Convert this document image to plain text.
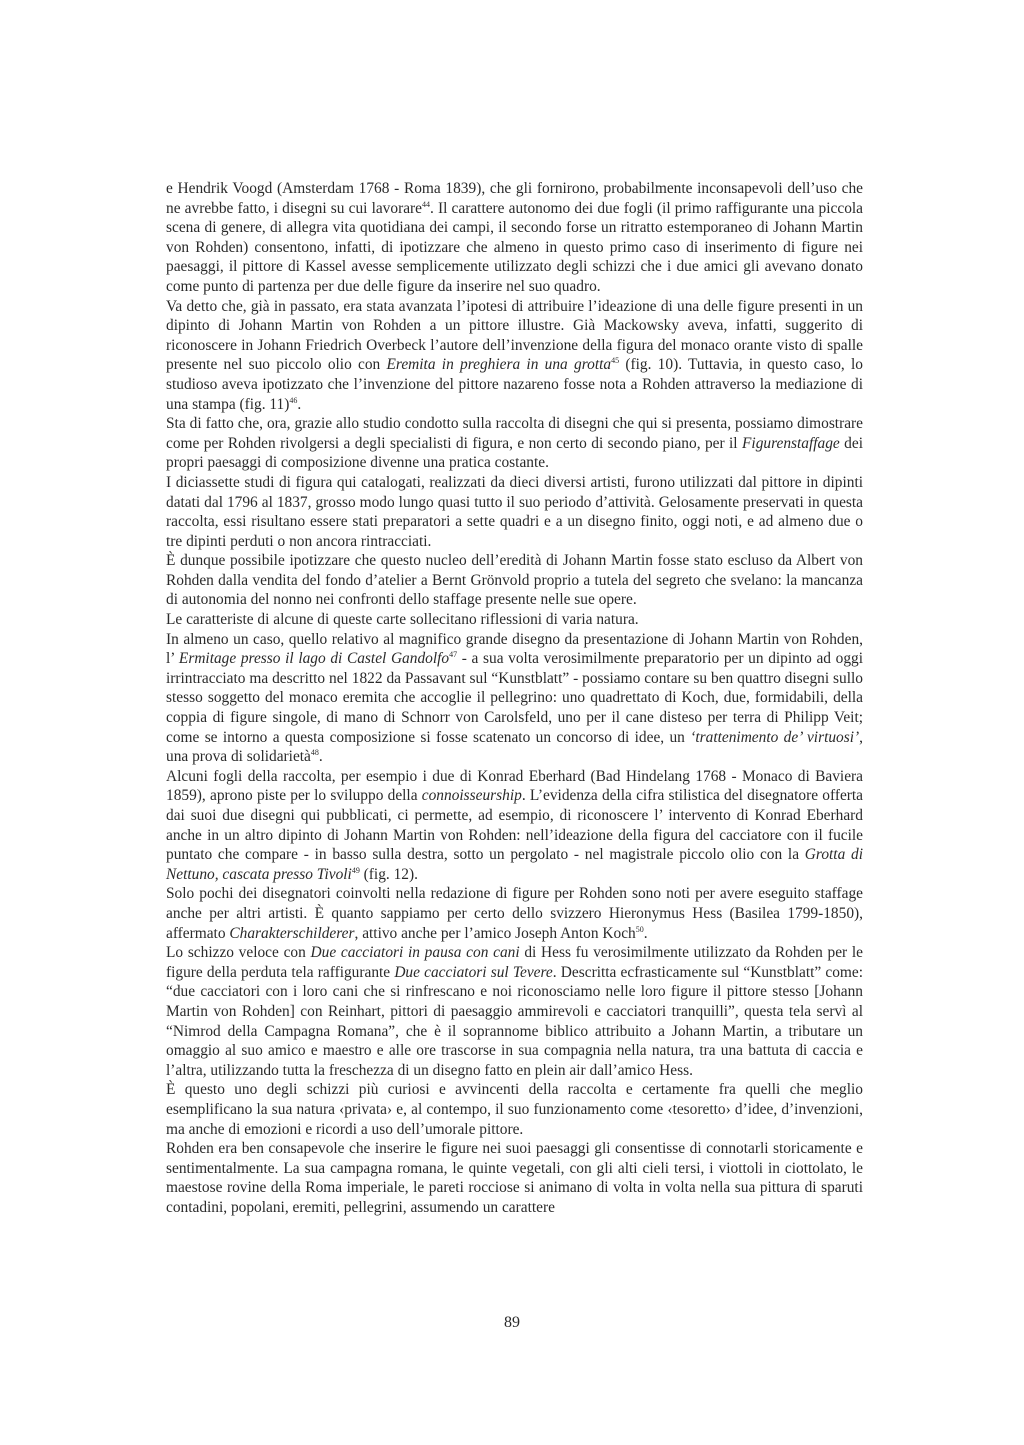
e Hendrik Voogd (Amsterdam 1768 - Roma 1839), che gli fornirono, probabilmente inconsapevoli dell’uso che ne avrebbe fatto, i disegni su cui lavorare$^{44}$. Il carattere autonomo dei due fogli (il primo raffigurante una piccola scena di genere, di allegra vita quotidiana dei campi, il secondo forse un ritratto estemporaneo di Johann Martin von Rohden) consentono, infatti, di ipotizzare che almeno in questo primo caso di inserimento di figure nei paesaggi, il pittore di Kassel avesse semplicemente utilizzato degli schizzi che i due amici gli avevano donato come punto di partenza per due delle figure da inserire nel suo quadro.

Va detto che, già in passato, era stata avanzata l’ipotesi di attribuire l’ideazione di una delle figure presenti in un dipinto di Johann Martin von Rohden a un pittore illustre. Già Mackowsky aveva, infatti, suggerito di riconoscere in Johann Friedrich Overbeck l’autore dell’invenzione della figura del monaco orante visto di spalle presente nel suo piccolo olio con Eremita in preghiera in una grotta$^{45}$ (fig. 10). Tuttavia, in questo caso, lo studioso aveva ipotizzato che l’invenzione del pittore nazareno fosse nota a Rohden attraverso la mediazione di una stampa (fig. 11)$^{46}$.

Sta di fatto che, ora, grazie allo studio condotto sulla raccolta di disegni che qui si presenta, possiamo dimostrare come per Rohden rivolgersi a degli specialisti di figura, e non certo di secondo piano, per il Figurenstaffage dei propri paesaggi di composizione divenne una pratica costante.

I diciassette studi di figura qui catalogati, realizzati da dieci diversi artisti, furono utilizzati dal pittore in dipinti datati dal 1796 al 1837, grosso modo lungo quasi tutto il suo periodo d’attività. Gelosamente preservati in questa raccolta, essi risultano essere stati preparatori a sette quadri e a un disegno finito, oggi noti, e ad almeno due o tre dipinti perduti o non ancora rintracciati.

È dunque possibile ipotizzare che questo nucleo dell’eredità di Johann Martin fosse stato escluso da Albert von Rohden dalla vendita del fondo d’atelier a Bernt Grönvold proprio a tutela del segreto che svelano: la mancanza di autonomia del nonno nei confronti dello staffage presente nelle sue opere.

Le caratteriste di alcune di queste carte sollecitano riflessioni di varia natura.

In almeno un caso, quello relativo al magnifico grande disegno da presentazione di Johann Martin von Rohden, l’ Ermitage presso il lago di Castel Gandolfo$^{47}$ - a sua volta verosimilmente preparatorio per un dipinto ad oggi irrintracciato ma descritto nel 1822 da Passavant sul “Kunstblatt” - possiamo contare su ben quattro disegni sullo stesso soggetto del monaco eremita che accoglie il pellegrino: uno quadrettato di Koch, due, formidabili, della coppia di figure singole, di mano di Schnorr von Carolsfeld, uno per il cane disteso per terra di Philipp Veit; come se intorno a questa composizione si fosse scatenato un concorso di idee, un ‘trattenimento de’ virtuosi’, una prova di solidarietà$^{48}$.

Alcuni fogli della raccolta, per esempio i due di Konrad Eberhard (Bad Hindelang 1768 - Monaco di Baviera 1859), aprono piste per lo sviluppo della connoisseurship. L’evidenza della cifra stilistica del disegnatore offerta dai suoi due disegni qui pubblicati, ci permette, ad esempio, di riconoscere l’ intervento di Konrad Eberhard anche in un altro dipinto di Johann Martin von Rohden: nell’ideazione della figura del cacciatore con il fucile puntato che compare - in basso sulla destra, sotto un pergolato - nel magistrale piccolo olio con la Grotta di Nettuno, cascata presso Tivoli$^{49}$ (fig. 12).

Solo pochi dei disegnatori coinvolti nella redazione di figure per Rohden sono noti per avere eseguito staffage anche per altri artisti. È quanto sappiamo per certo dello svizzero Hieronymus Hess (Basilea 1799-1850), affermato Charakterschilderer, attivo anche per l’amico Joseph Anton Koch$^{50}$.

Lo schizzo veloce con Due cacciatori in pausa con cani di Hess fu verosimilmente utilizzato da Rohden per le figure della perduta tela raffigurante Due cacciatori sul Tevere. Descritta ecfrasticamente sul “Kunstblatt” come: “due cacciatori con i loro cani che si rinfrescano e noi riconosciamo nelle loro figure il pittore stesso [Johann Martin von Rohden] con Reinhart, pittori di paesaggio ammirevoli e cacciatori tranquilli”, questa tela servì al “Nimrod della Campagna Romana”, che è il soprannome biblico attribuito a Johann Martin, a tributare un omaggio al suo amico e maestro e alle ore trascorse in sua compagnia nella natura, tra una battuta di caccia e l’altra, utilizzando tutta la freschezza di un disegno fatto en plein air dall’amico Hess.

È questo uno degli schizzi più curiosi e avvincenti della raccolta e certamente fra quelli che meglio esemplificano la sua natura ‹privata› e, al contempo, il suo funzionamento come ‹tesoretto› d’idee, d’invenzioni, ma anche di emozioni e ricordi a uso dell’umorale pittore.

Rohden era ben consapevole che inserire le figure nei suoi paesaggi gli consentisse di connotarli storicamente e sentimentalmente. La sua campagna romana, le quinte vegetali, con gli alti cieli tersi, i viottoli in ciottolato, le maestose rovine della Roma imperiale, le pareti rocciose si animano di volta in volta nella sua pittura di sparuti contadini, popolani, eremiti, pellegrini, assumendo un carattere

89
